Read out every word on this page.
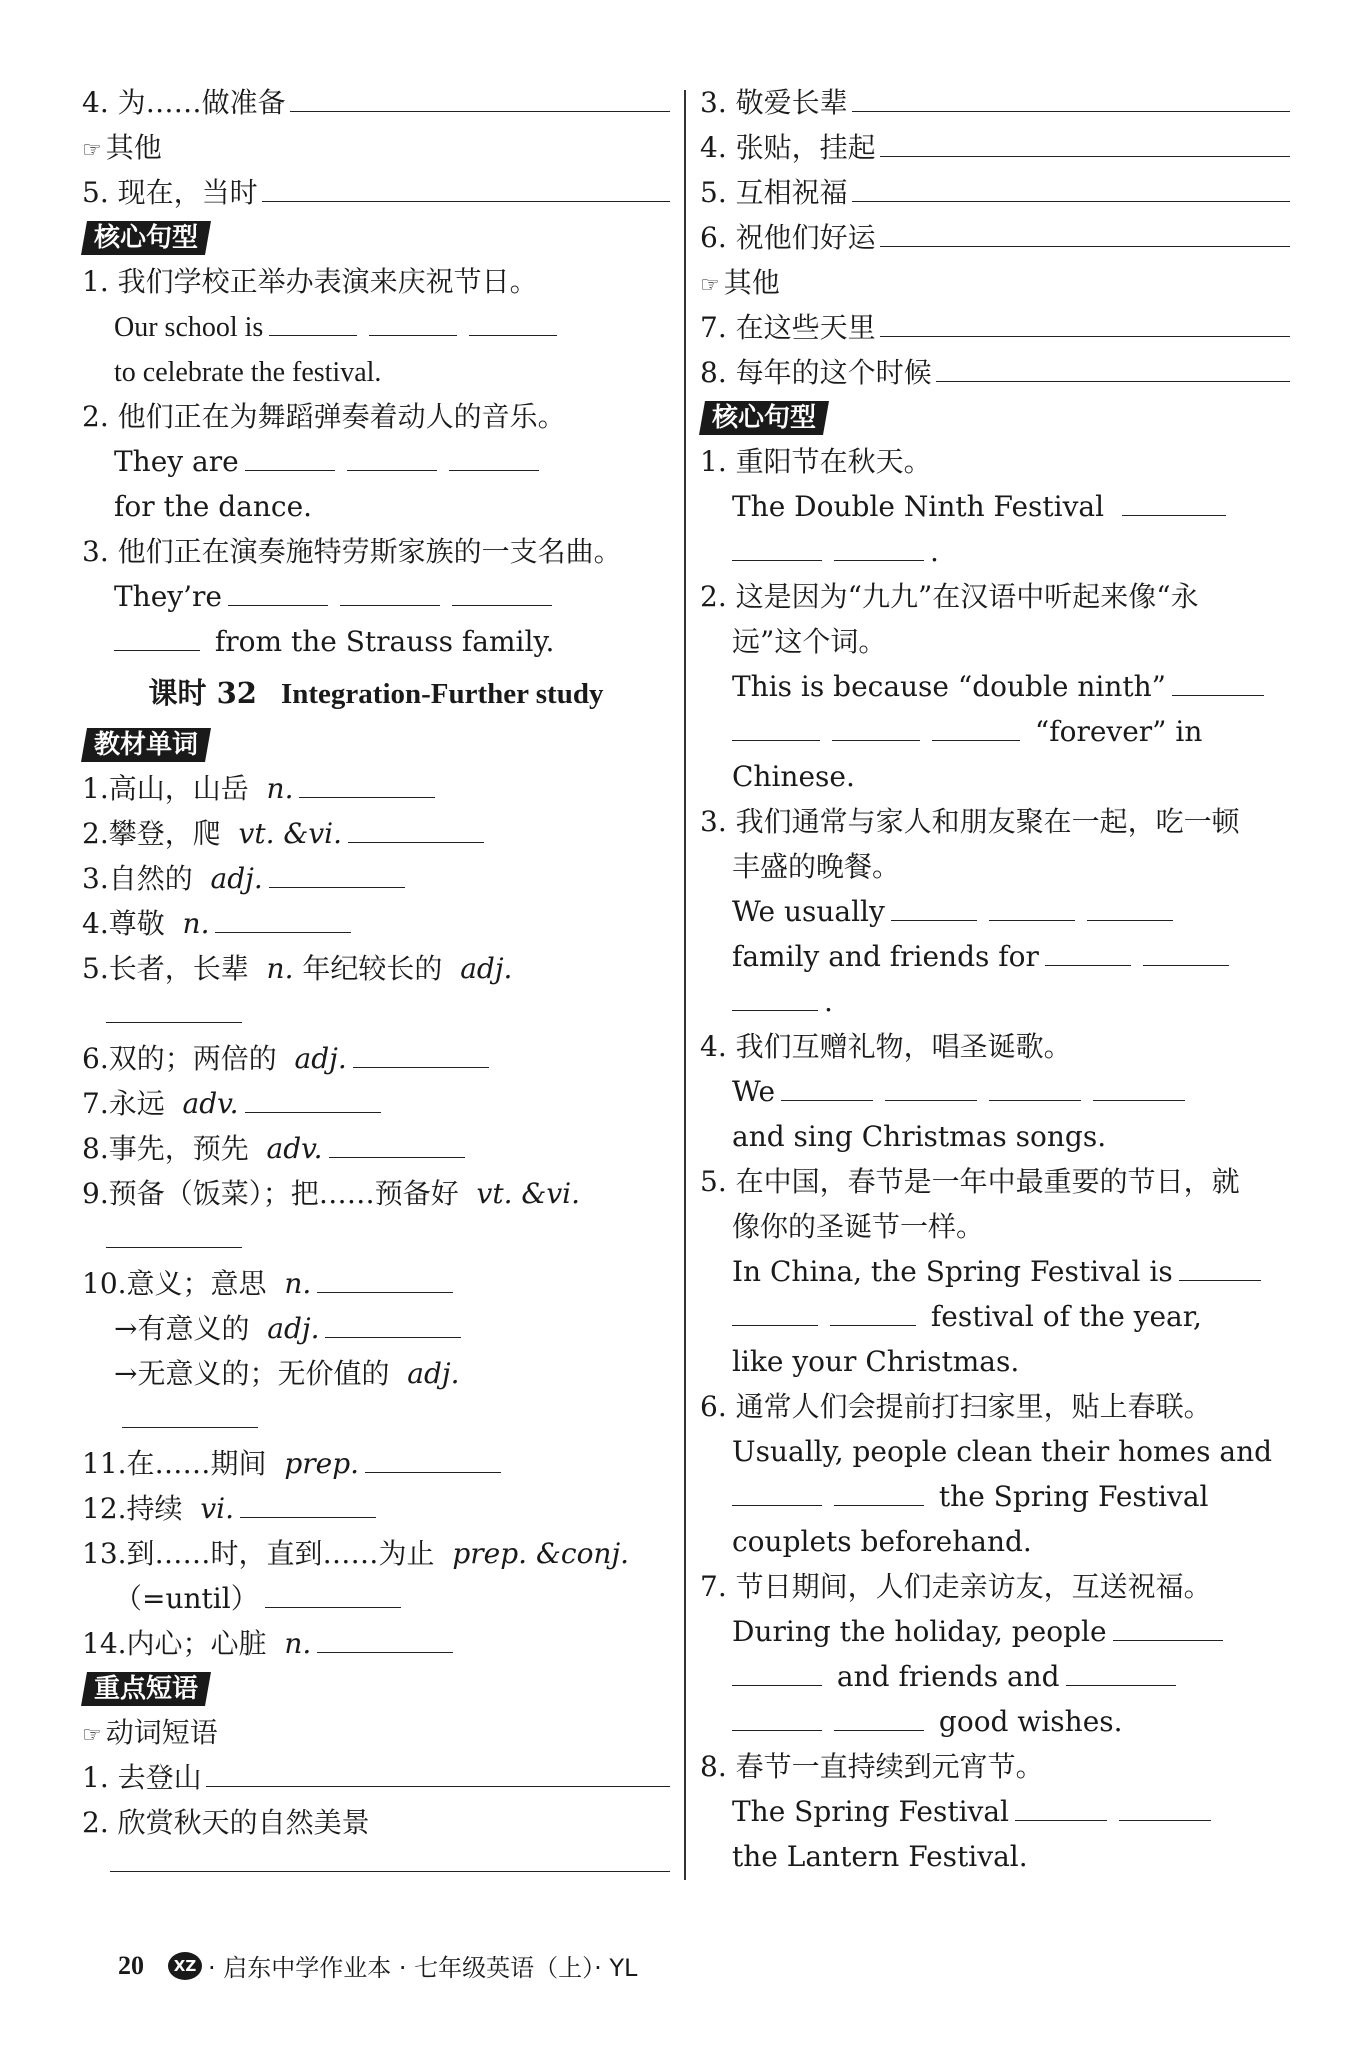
4.
为……做准备
☞ 其他
5.
现在，当时
核心句型
1. 我们学校正举办表演来庆祝节日。
Our school is
to celebrate the festival.
2. 他们正在为舞蹈弹奏着动人的音乐。
They are
for the dance.
3. 他们正在演奏施特劳斯家族的一支名曲。
They’re
from the Strauss family.
课时 32 Integration-Further study
教材单词
1.高山，山岳 n.
2.攀登，爬 vt. &vi.
3.自然的 adj.
4.尊敬 n.
5.长者，长辈 n. 年纪较长的 adj.
6.双的；两倍的 adj.
7.永远 adv.
8.事先，预先 adv.
9.预备（饭菜）；把……预备好 vt. &vi.
10.意义；意思 n.
→有意义的 adj.
→无意义的；无价值的 adj.
11.在……期间 prep.
12.持续 vi.
13.到……时，直到……为止 prep. &conj.
（=until）
14.内心；心脏 n.
重点短语
☞ 动词短语
1.
去登山
2. 欣赏秋天的自然美景
3.
敬爱长辈
4.
张贴，挂起
5.
互相祝福
6.
祝他们好运
☞ 其他
7.
在这些天里
8.
每年的这个时候
核心句型
1. 重阳节在秋天。
The Double Ninth Festival
.
2. 这是因为“九九”在汉语中听起来像“永
远”这个词。
This is because “double ninth”
“forever” in
Chinese.
3. 我们通常与家人和朋友聚在一起，吃一顿
丰盛的晚餐。
We usually
family and friends for
.
4. 我们互赠礼物，唱圣诞歌。
We
and sing Christmas songs.
5. 在中国，春节是一年中最重要的节日，就
像你的圣诞节一样。
In China, the Spring Festival is
festival of the year,
like your Christmas.
6. 通常人们会提前打扫家里，贴上春联。
Usually, people clean their homes and
the Spring Festival
couplets beforehand.
7. 节日期间，人们走亲访友，互送祝福。
During the holiday, people
and friends and
good wishes.
8. 春节一直持续到元宵节。
The Spring Festival
the Lantern Festival.
20	XZ · 启东中学作业本 · 七年级英语（上）· YL
